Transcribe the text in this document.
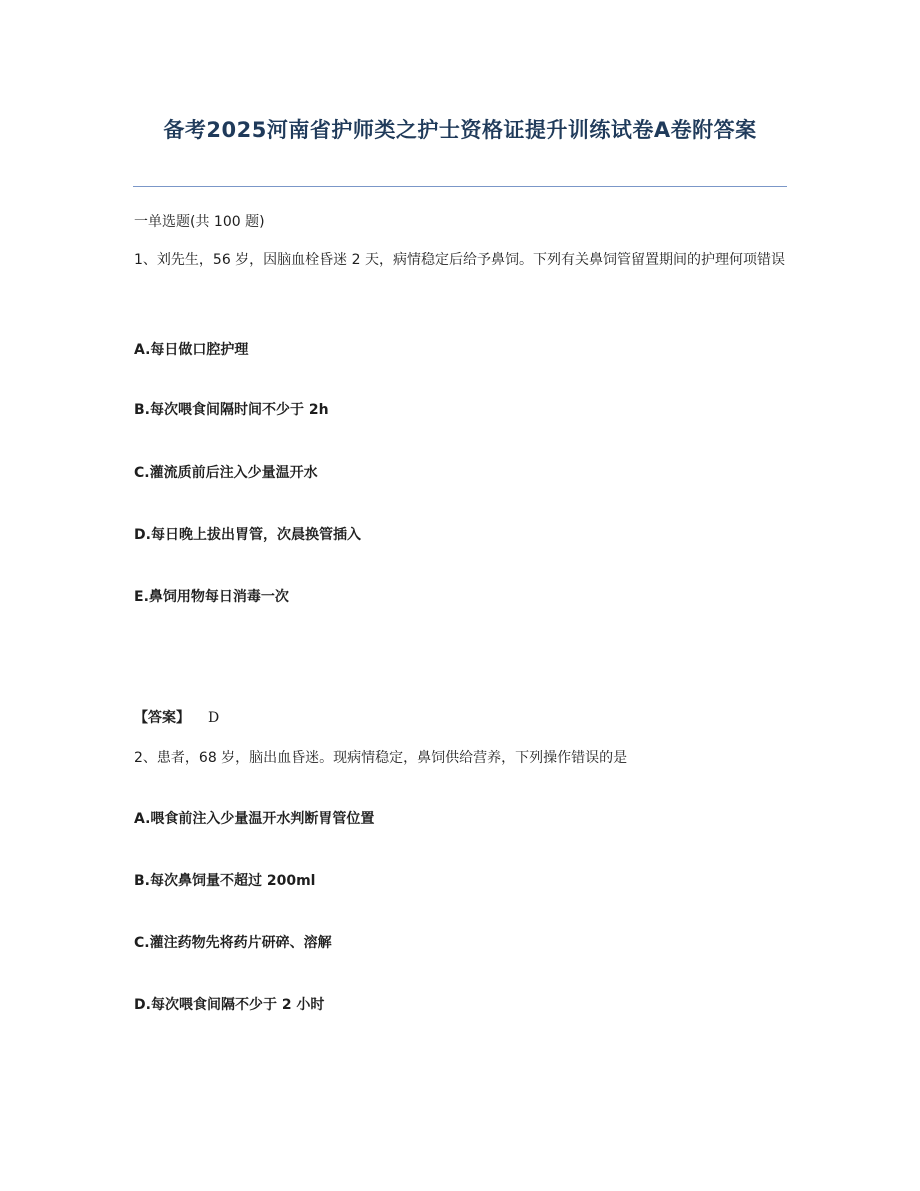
备考2025河南省护师类之护士资格证提升训练试卷A卷附答案
一单选题(共 100 题)
1、刘先生，56 岁，因脑血栓昏迷 2 天，病情稳定后给予鼻饲。下列有关鼻饲管留置期间的护理何项错误
A.每日做口腔护理
B.每次喂食间隔时间不少于 2h
C.灌流质前后注入少量温开水
D.每日晚上拔出胃管，次晨换管插入
E.鼻饲用物每日消毒一次
【答案】 D
2、患者，68 岁，脑出血昏迷。现病情稳定，鼻饲供给营养，下列操作错误的是
A.喂食前注入少量温开水判断胃管位置
B.每次鼻饲量不超过 200ml
C.灌注药物先将药片研碎、溶解
D.每次喂食间隔不少于 2 小时
